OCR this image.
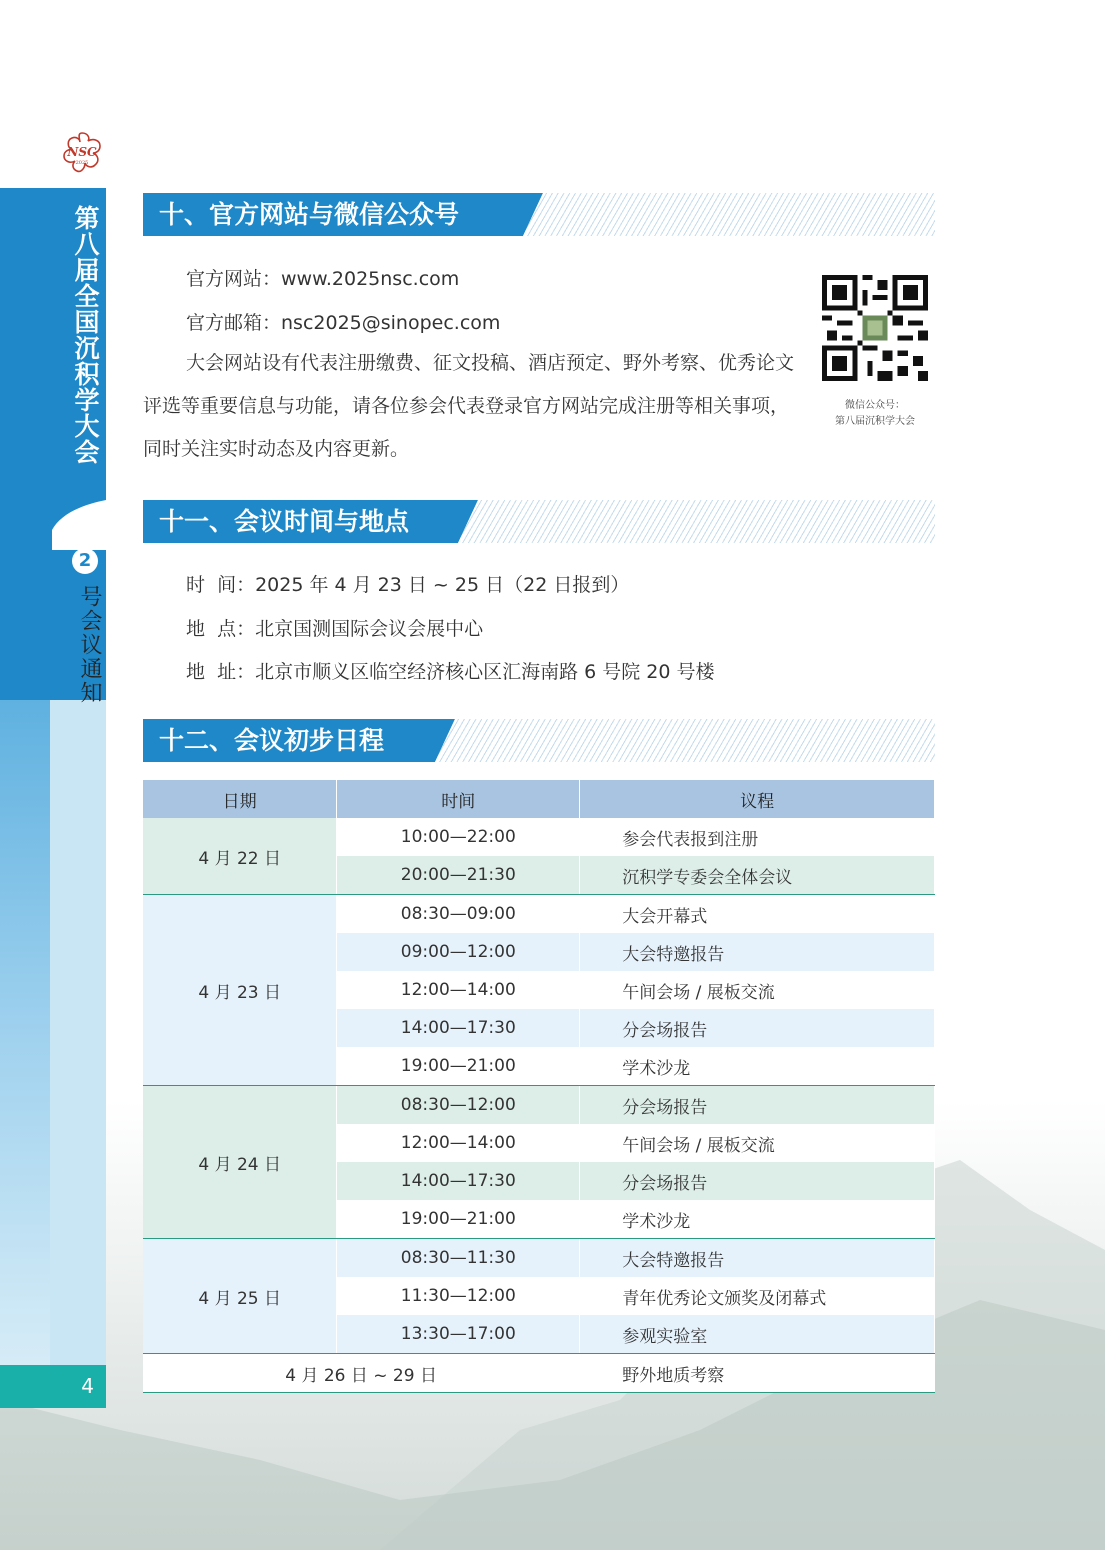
NSC
2025
第八届全国沉积学大会
2
号会议通知
4
十、官方网站与微信公众号
官方网站：www.2025nsc.com
官方邮箱：nsc2025@sinopec.com
大会网站设有代表注册缴费、征文投稿、酒店预定、野外考察、优秀论文评选等重要信息与功能，请各位参会代表登录官方网站完成注册等相关事项，同时关注实时动态及内容更新。
微信公众号：
第八届沉积学大会
十一、会议时间与地点
时  间：2025 年 4 月 23 日 ~ 25 日（22 日报到）
地  点：北京国测国际会议会展中心
地  址：北京市顺义区临空经济核心区汇海南路 6 号院 20 号楼
十二、会议初步日程
日期	时间	议程
4 月 22 日	10:00—22:00	参会代表报到注册
	20:00—21:30	沉积学专委会全体会议
4 月 23 日	08:30—09:00	大会开幕式
	09:00—12:00	大会特邀报告
	12:00—14:00	午间会场 / 展板交流
	14:00—17:30	分会场报告
	19:00—21:00	学术沙龙
4 月 24 日	08:30—12:00	分会场报告
	12:00—14:00	午间会场 / 展板交流
	14:00—17:30	分会场报告
	19:00—21:00	学术沙龙
4 月 25 日	08:30—11:30	大会特邀报告
	11:30—12:00	青年优秀论文颁奖及闭幕式
	13:30—17:00	参观实验室
4 月 26 日 ~ 29 日		野外地质考察
